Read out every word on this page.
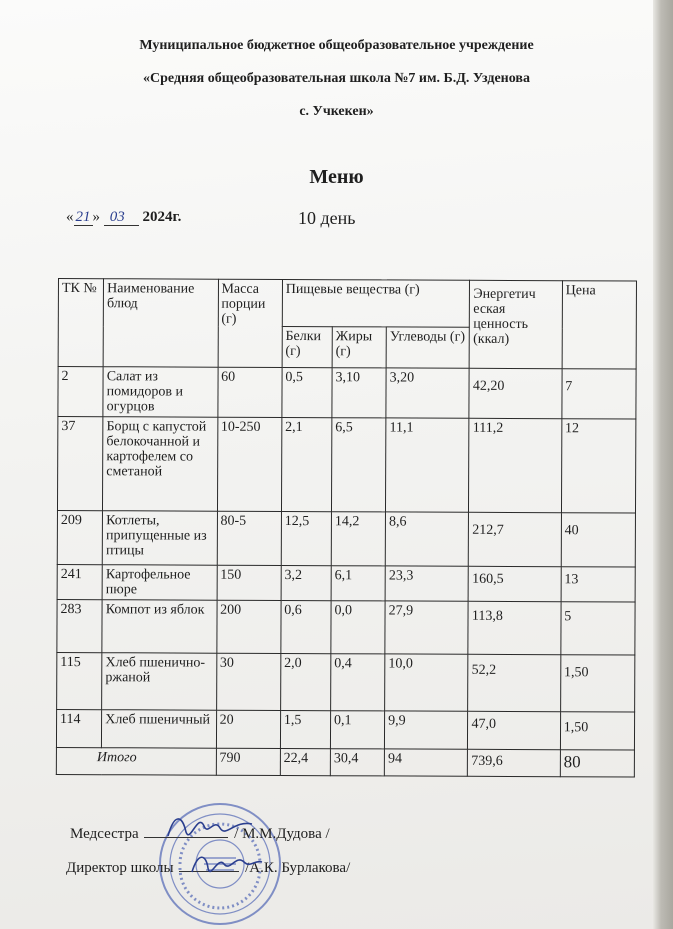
Муниципальное бюджетное общеобразовательное учреждение
«Средняя общеобразовательная школа №7 им. Б.Д. Узденова
с. Учкекен»
Меню
« 21 » 03 2024г.	10 день
ТК №	Наименование блюд	Масса порции (г)	Пищевые вещества (г)			Энергетич еская ценность (ккал)	Цена
			Белки (г)	Жиры (г)	Углеводы (г)		
2	Салат из помидоров и огурцов	60	0,5	3,10	3,20	42,20	7
37	Борщ с капустой белокочанной и картофелем со сметаной	10-250	2,1	6,5	11,1	111,2	12
209	Котлеты, припущенные из птицы	80-5	12,5	14,2	8,6	212,7	40
241	Картофельное пюре	150	3,2	6,1	23,3	160,5	13
283	Компот из яблок	200	0,6	0,0	27,9	113,8	5
115	Хлеб пшенично-ржаной	30	2,0	0,4	10,0	52,2	1,50
114	Хлеб пшеничный	20	1,5	0,1	9,9	47,0	1,50
Итого		790	22,4	30,4	94	739,6	80
Медсестра	/ М.М.Дудова /
Директор школы	/А.К. Бурлакова/
